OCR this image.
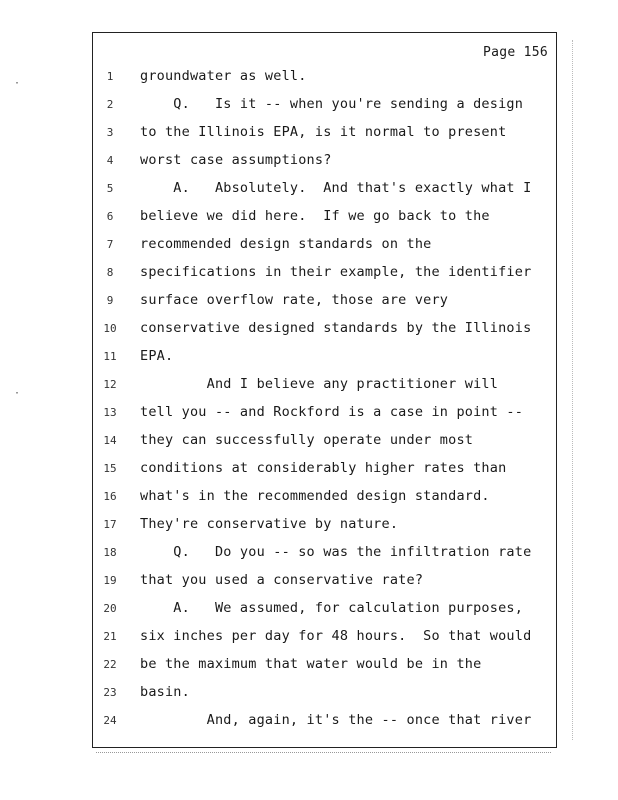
Page 156
·
·
1	groundwater as well.
2	Q.   Is it -- when you're sending a design
3	to the Illinois EPA, is it normal to present
4	worst case assumptions?
5	A.   Absolutely.  And that's exactly what I
6	believe we did here.  If we go back to the
7	recommended design standards on the
8	specifications in their example, the identifier
9	surface overflow rate, those are very
10 conservative designed standards by the Illinois
11 EPA.
12 And I believe any practitioner will
13 tell you -- and Rockford is a case in point --
14 they can successfully operate under most
15 conditions at considerably higher rates than
16 what's in the recommended design standard.
17 They're conservative by nature.
18 Q.   Do you -- so was the infiltration rate
19 that you used a conservative rate?
20 A.   We assumed, for calculation purposes,
21 six inches per day for 48 hours.  So that would
22 be the maximum that water would be in the
23 basin.
24 And, again, it's the -- once that river
